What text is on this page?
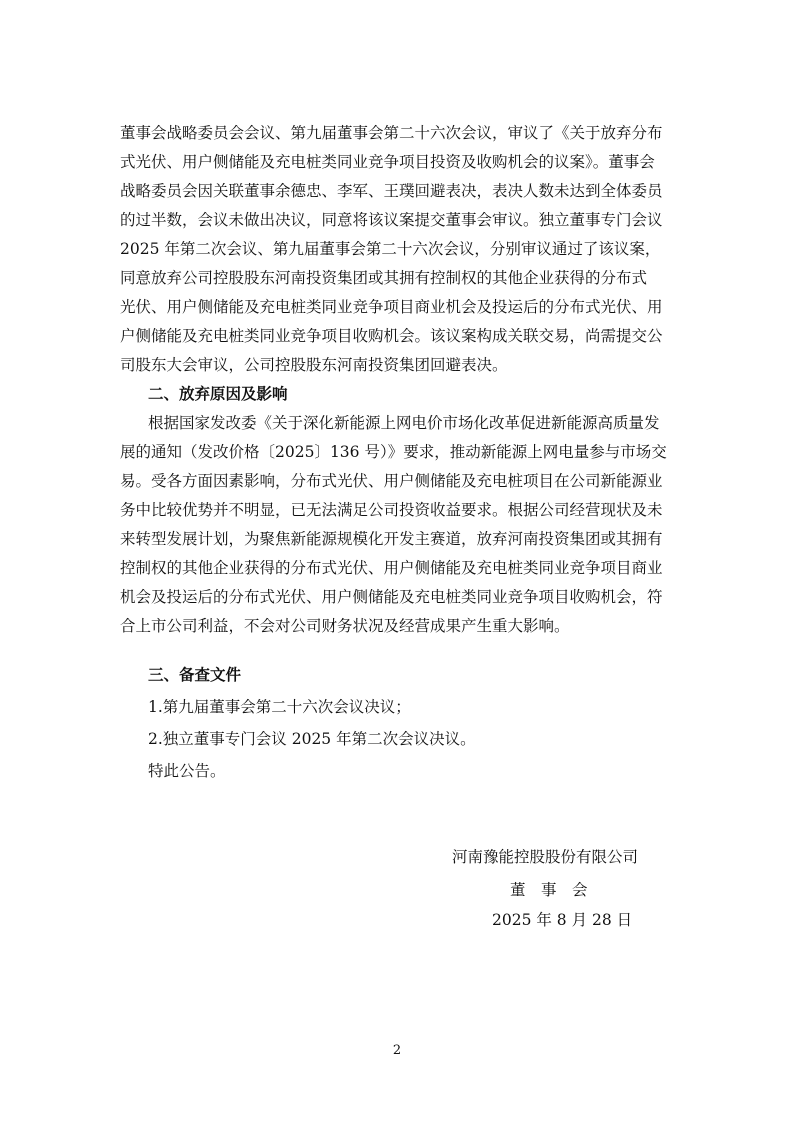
董事会战略委员会会议、第九届董事会第二十六次会议，审议了《关于放弃分布
式光伏、用户侧储能及充电桩类同业竞争项目投资及收购机会的议案》。董事会
战略委员会因关联董事余德忠、李军、王璞回避表决，表决人数未达到全体委员
的过半数，会议未做出决议，同意将该议案提交董事会审议。独立董事专门会议
2025 年第二次会议、第九届董事会第二十六次会议，分别审议通过了该议案，
同意放弃公司控股股东河南投资集团或其拥有控制权的其他企业获得的分布式
光伏、用户侧储能及充电桩类同业竞争项目商业机会及投运后的分布式光伏、用
户侧储能及充电桩类同业竞争项目收购机会。该议案构成关联交易，尚需提交公
司股东大会审议，公司控股股东河南投资集团回避表决。
二、放弃原因及影响
根据国家发改委《关于深化新能源上网电价市场化改革促进新能源高质量发
展的通知（发改价格〔2025〕136 号）》要求，推动新能源上网电量参与市场交
易。受各方面因素影响，分布式光伏、用户侧储能及充电桩项目在公司新能源业
务中比较优势并不明显，已无法满足公司投资收益要求。根据公司经营现状及未
来转型发展计划，为聚焦新能源规模化开发主赛道，放弃河南投资集团或其拥有
控制权的其他企业获得的分布式光伏、用户侧储能及充电桩类同业竞争项目商业
机会及投运后的分布式光伏、用户侧储能及充电桩类同业竞争项目收购机会，符
合上市公司利益，不会对公司财务状况及经营成果产生重大影响。
三、备查文件
1.第九届董事会第二十六次会议决议；
2.独立董事专门会议 2025 年第二次会议决议。
特此公告。
河南豫能控股股份有限公司
董　事　会
2025 年 8 月 28 日
2
